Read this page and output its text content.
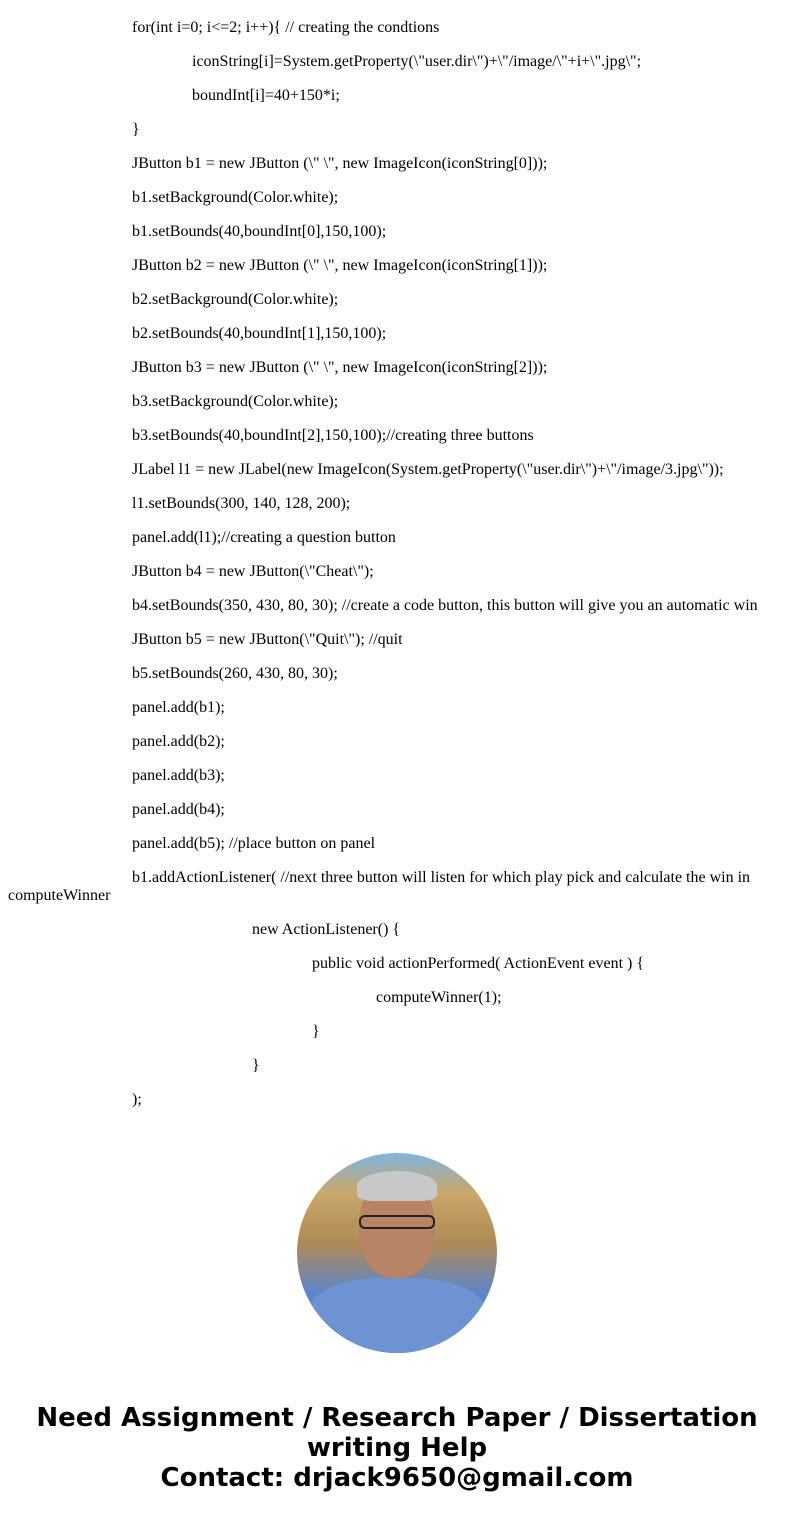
for(int i=0; i<=2; i++){ // creating the condtions

iconString[i]=System.getProperty(\"user.dir\")+\"/image/\"+i+\".jpg\";

boundInt[i]=40+150*i;

}

JButton b1 = new JButton (\" \", new ImageIcon(iconString[0]));

b1.setBackground(Color.white);

b1.setBounds(40,boundInt[0],150,100);

JButton b2 = new JButton (\" \", new ImageIcon(iconString[1]));

b2.setBackground(Color.white);

b2.setBounds(40,boundInt[1],150,100);

JButton b3 = new JButton (\" \", new ImageIcon(iconString[2]));

b3.setBackground(Color.white);

b3.setBounds(40,boundInt[2],150,100);//creating three buttons

JLabel l1 = new JLabel(new ImageIcon(System.getProperty(\"user.dir\")+\"/image/3.jpg\"));

l1.setBounds(300, 140, 128, 200);

panel.add(l1);//creating a question button

JButton b4 = new JButton(\"Cheat\");

b4.setBounds(350, 430, 80, 30); //create a code button, this button will give you an automatic win

JButton b5 = new JButton(\"Quit\"); //quit

b5.setBounds(260, 430, 80, 30);

panel.add(b1);

panel.add(b2);

panel.add(b3);

panel.add(b4);

panel.add(b5); //place button on panel

b1.addActionListener( //next three button will listen for which play pick and calculate the win in computeWinner

new ActionListener() {

public void actionPerformed( ActionEvent event ) {

computeWinner(1);

}

}

);

Need Assignment / Research Paper / Dissertation writing Help
Contact: drjack9650@gmail.com
